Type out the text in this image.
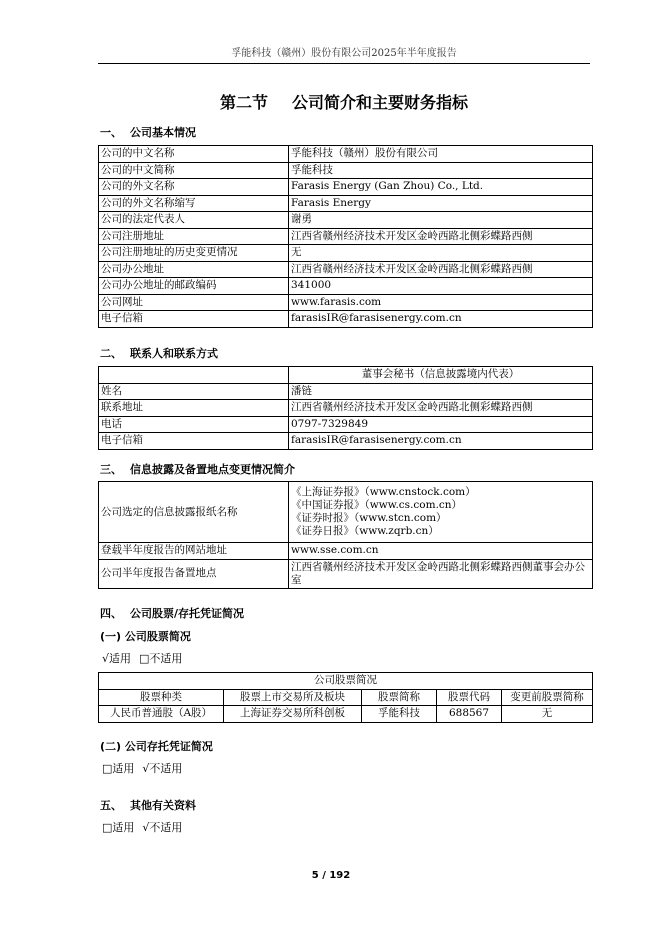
孚能科技（赣州）股份有限公司2025年半年度报告
第二节 公司简介和主要财务指标
一、 公司基本情况
公司的中文名称	孚能科技（赣州）股份有限公司
公司的中文简称	孚能科技
公司的外文名称	Farasis Energy (Gan Zhou) Co., Ltd.
公司的外文名称缩写	Farasis Energy
公司的法定代表人	谢勇
公司注册地址	江西省赣州经济技术开发区金岭西路北侧彩蝶路西侧
公司注册地址的历史变更情况	无
公司办公地址	江西省赣州经济技术开发区金岭西路北侧彩蝶路西侧
公司办公地址的邮政编码	341000
公司网址	www.farasis.com
电子信箱	farasisIR@farasisenergy.com.cn
二、 联系人和联系方式
	董事会秘书（信息披露境内代表）
姓名	潘链
联系地址	江西省赣州经济技术开发区金岭西路北侧彩蝶路西侧
电话	0797-7329849
电子信箱	farasisIR@farasisenergy.com.cn
三、 信息披露及备置地点变更情况简介
公司选定的信息披露报纸名称	《上海证券报》（www.cnstock.com）
《中国证券报》（www.cs.com.cn）
《证券时报》（www.stcn.com）
《证券日报》（www.zqrb.cn）

登载半年度报告的网站地址	www.sse.com.cn
公司半年度报告备置地点	江西省赣州经济技术开发区金岭西路北侧彩蝶路西侧董事会办公室
四、 公司股票/存托凭证简况
(一) 公司股票简况
√适用 □不适用
公司股票简况				
股票种类	股票上市交易所及板块	股票简称	股票代码	变更前股票简称
人民币普通股（A股）	上海证券交易所科创板	孚能科技	688567	无
(二) 公司存托凭证简况
□适用 √不适用
五、 其他有关资料
□适用 √不适用
5 / 192
